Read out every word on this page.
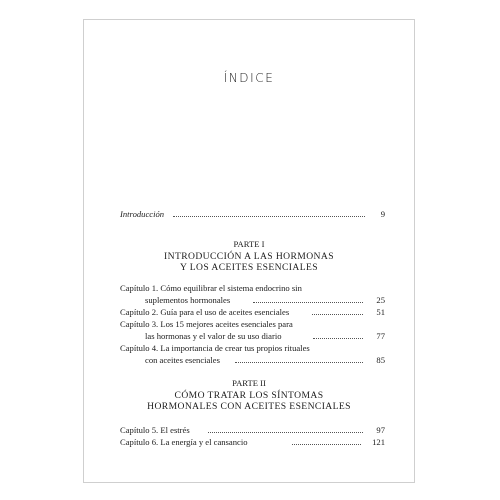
ÍNDICE
Introducción	9
PARTE I
INTRODUCCIÓN A LAS HORMONAS
Y LOS ACEITES ESENCIALES
Capítulo 1. Cómo equilibrar el sistema endocrino sin
suplementos hormonales	25
Capítulo 2. Guía para el uso de aceites esenciales	51
Capítulo 3. Los 15 mejores aceites esenciales para
las hormonas y el valor de su uso diario	77
Capítulo 4. La importancia de crear tus propios rituales
con aceites esenciales	85
PARTE II
CÓMO TRATAR LOS SÍNTOMAS
HORMONALES CON ACEITES ESENCIALES
Capítulo 5. El estrés	97
Capítulo 6. La energía y el cansancio	121
